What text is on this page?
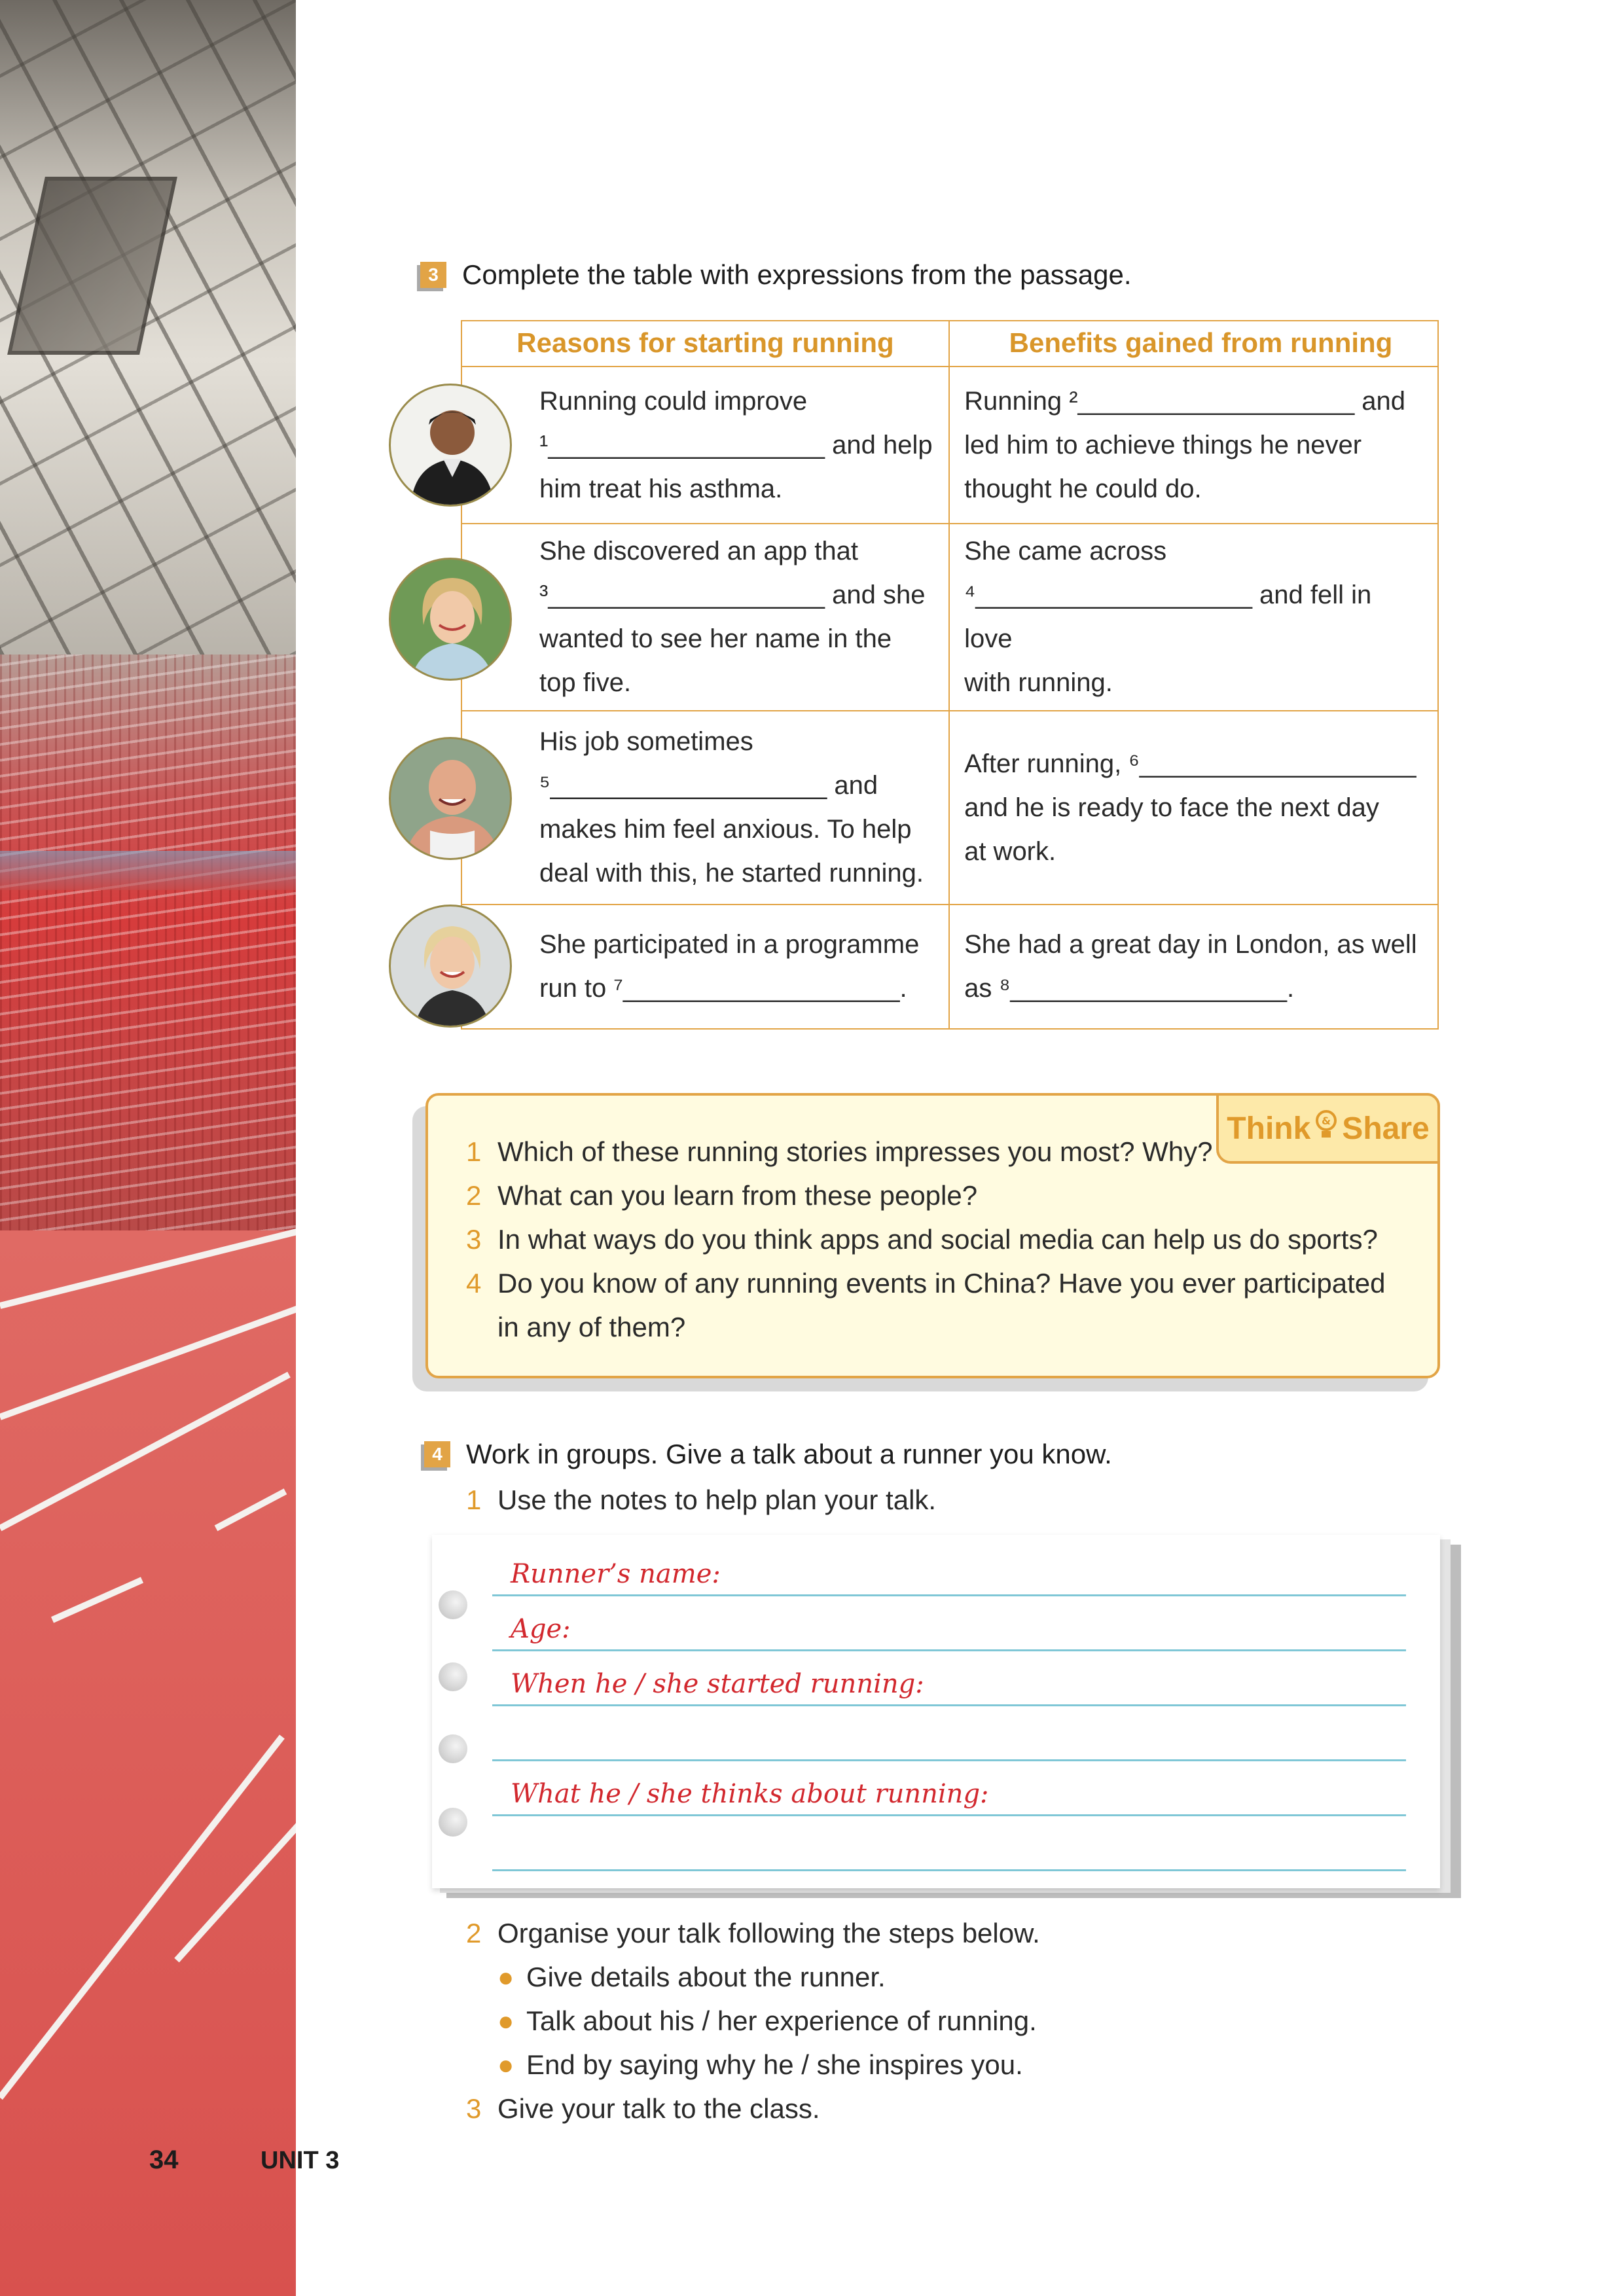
34	UNIT 3
3 Complete the table with expressions from the passage.
Reasons for starting running	Benefits gained from running
Running could improve
¹___________________ and help
him treat his asthma.
Running ²___________________ and
led him to achieve things he never
thought he could do.
She discovered an app that
³___________________ and she
wanted to see her name in the
top five.
She came across
⁴___________________ and fell in love
with running.
His job sometimes
⁵___________________ and
makes him feel anxious. To help
deal with this, he started running.
After running, ⁶___________________
and he is ready to face the next day
at work.
She participated in a programme
run to ⁷___________________.
She had a great day in London, as well
as ⁸___________________.
Think & Share
1 Which of these running stories impresses you most? Why?
2 What can you learn from these people?
3 In what ways do you think apps and social media can help us do sports?
4 Do you know of any running events in China? Have you ever participated
in any of them?
4 Work in groups. Give a talk about a runner you know.
1 Use the notes to help plan your talk.
Runner’s name:
Age:
When he / she started running:
What he / she thinks about running:
2 Organise your talk following the steps below.
● Give details about the runner.
● Talk about his / her experience of running.
● End by saying why he / she inspires you.
3 Give your talk to the class.
